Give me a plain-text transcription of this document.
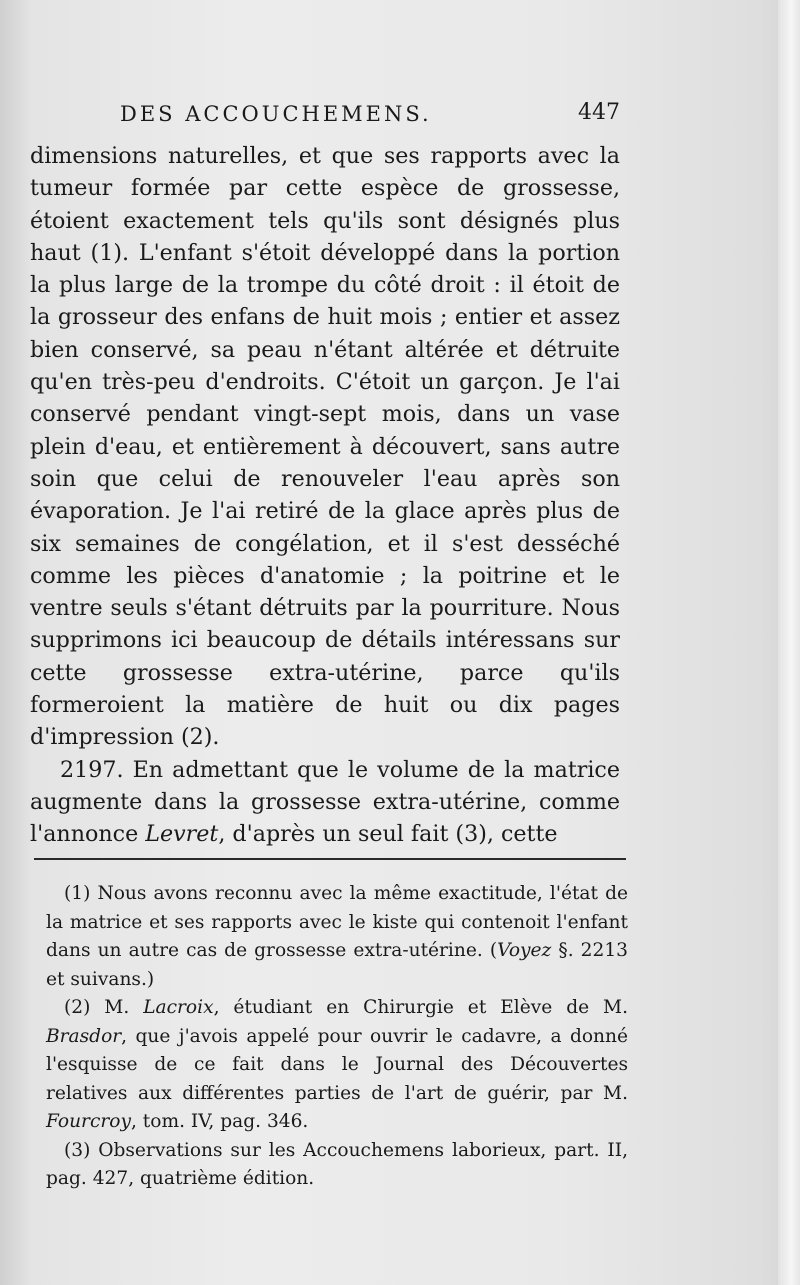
DES ACCOUCHEMENS.	447

dimensions naturelles, et que ses rapports avec la tumeur formée par cette espèce de grossesse, étoient exactement tels qu'ils sont désignés plus haut (1). L'enfant s'étoit développé dans la portion la plus large de la trompe du côté droit : il étoit de la grosseur des enfans de huit mois ; entier et assez bien conservé, sa peau n'étant altérée et détruite qu'en très-peu d'endroits. C'étoit un garçon. Je l'ai conservé pendant vingt-sept mois, dans un vase plein d'eau, et entièrement à découvert, sans autre soin que celui de renouveler l'eau après son évaporation. Je l'ai retiré de la glace après plus de six semaines de congélation, et il s'est desséché comme les pièces d'anatomie ; la poitrine et le ventre seuls s'étant détruits par la pourriture. Nous supprimons ici beaucoup de détails intéressans sur cette grossesse extra-utérine, parce qu'ils formeroient la matière de huit ou dix pages d'impression (2).

2197. En admettant que le volume de la matrice augmente dans la grossesse extra-utérine, comme l'annonce Levret, d'après un seul fait (3), cette

(1) Nous avons reconnu avec la même exactitude, l'état de la matrice et ses rapports avec le kiste qui contenoit l'enfant dans un autre cas de grossesse extra-utérine. (Voyez §. 2213 et suivans.)

(2) M. Lacroix, étudiant en Chirurgie et Elève de M. Brasdor, que j'avois appelé pour ouvrir le cadavre, a donné l'esquisse de ce fait dans le Journal des Découvertes relatives aux différentes parties de l'art de guérir, par M. Fourcroy, tom. IV, pag. 346.

(3) Observations sur les Accouchemens laborieux, part. II, pag. 427, quatrième édition.
